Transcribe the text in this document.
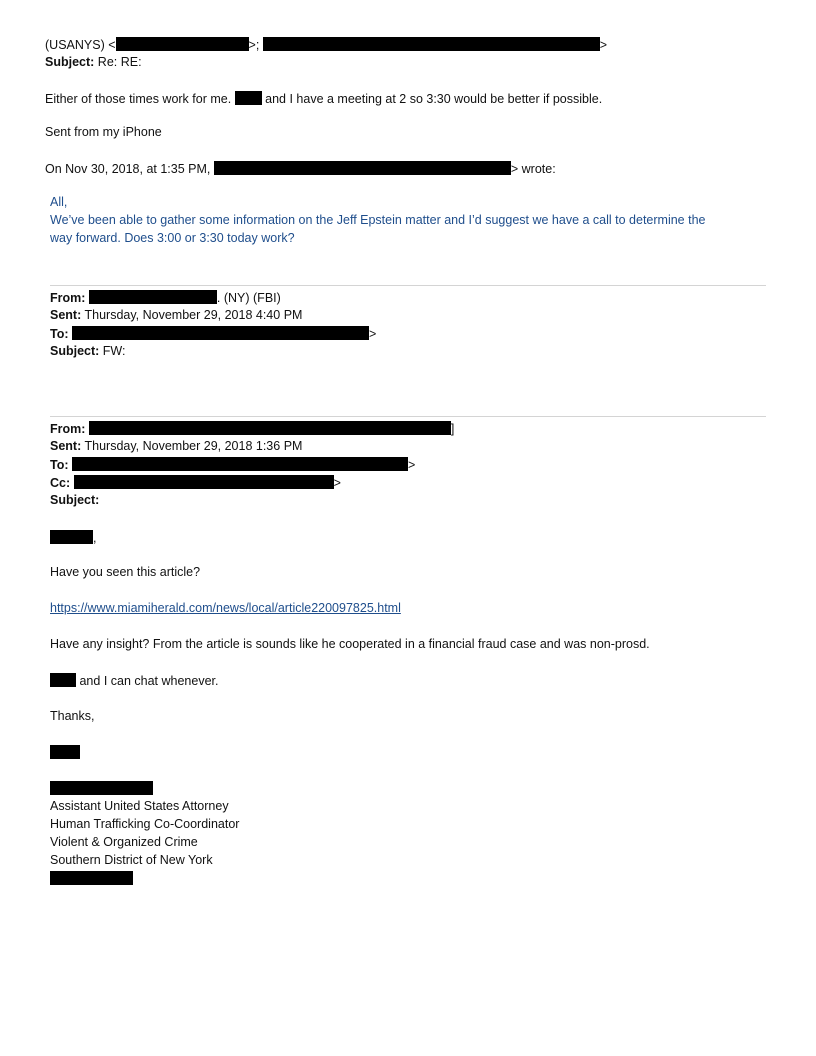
(USANYS) <	>;	>
Subject: Re: RE:
Either of those times work for me.	and I have a meeting at 2 so 3:30 would be better if possible.
Sent from my iPhone
On Nov 30, 2018, at 1:35 PM,	> wrote:
All,
We’ve been able to gather some information on the Jeff Epstein matter and I’d suggest we have a call to determine the
way forward. Does 3:00 or 3:30 today work?
From:	. (NY) (FBI)
Sent: Thursday, November 29, 2018 4:40 PM
To:	>
Subject: FW:
From:	]
Sent: Thursday, November 29, 2018 1:36 PM
To:	>
Cc:	>
Subject:
,
Have you seen this article?
https://www.miamiherald.com/news/local/article220097825.html
Have any insight? From the article is sounds like he cooperated in a financial fraud case and was non-prosd.
and I can chat whenever.
Thanks,
Assistant United States Attorney
Human Trafficking Co-Coordinator
Violent & Organized Crime
Southern District of New York
